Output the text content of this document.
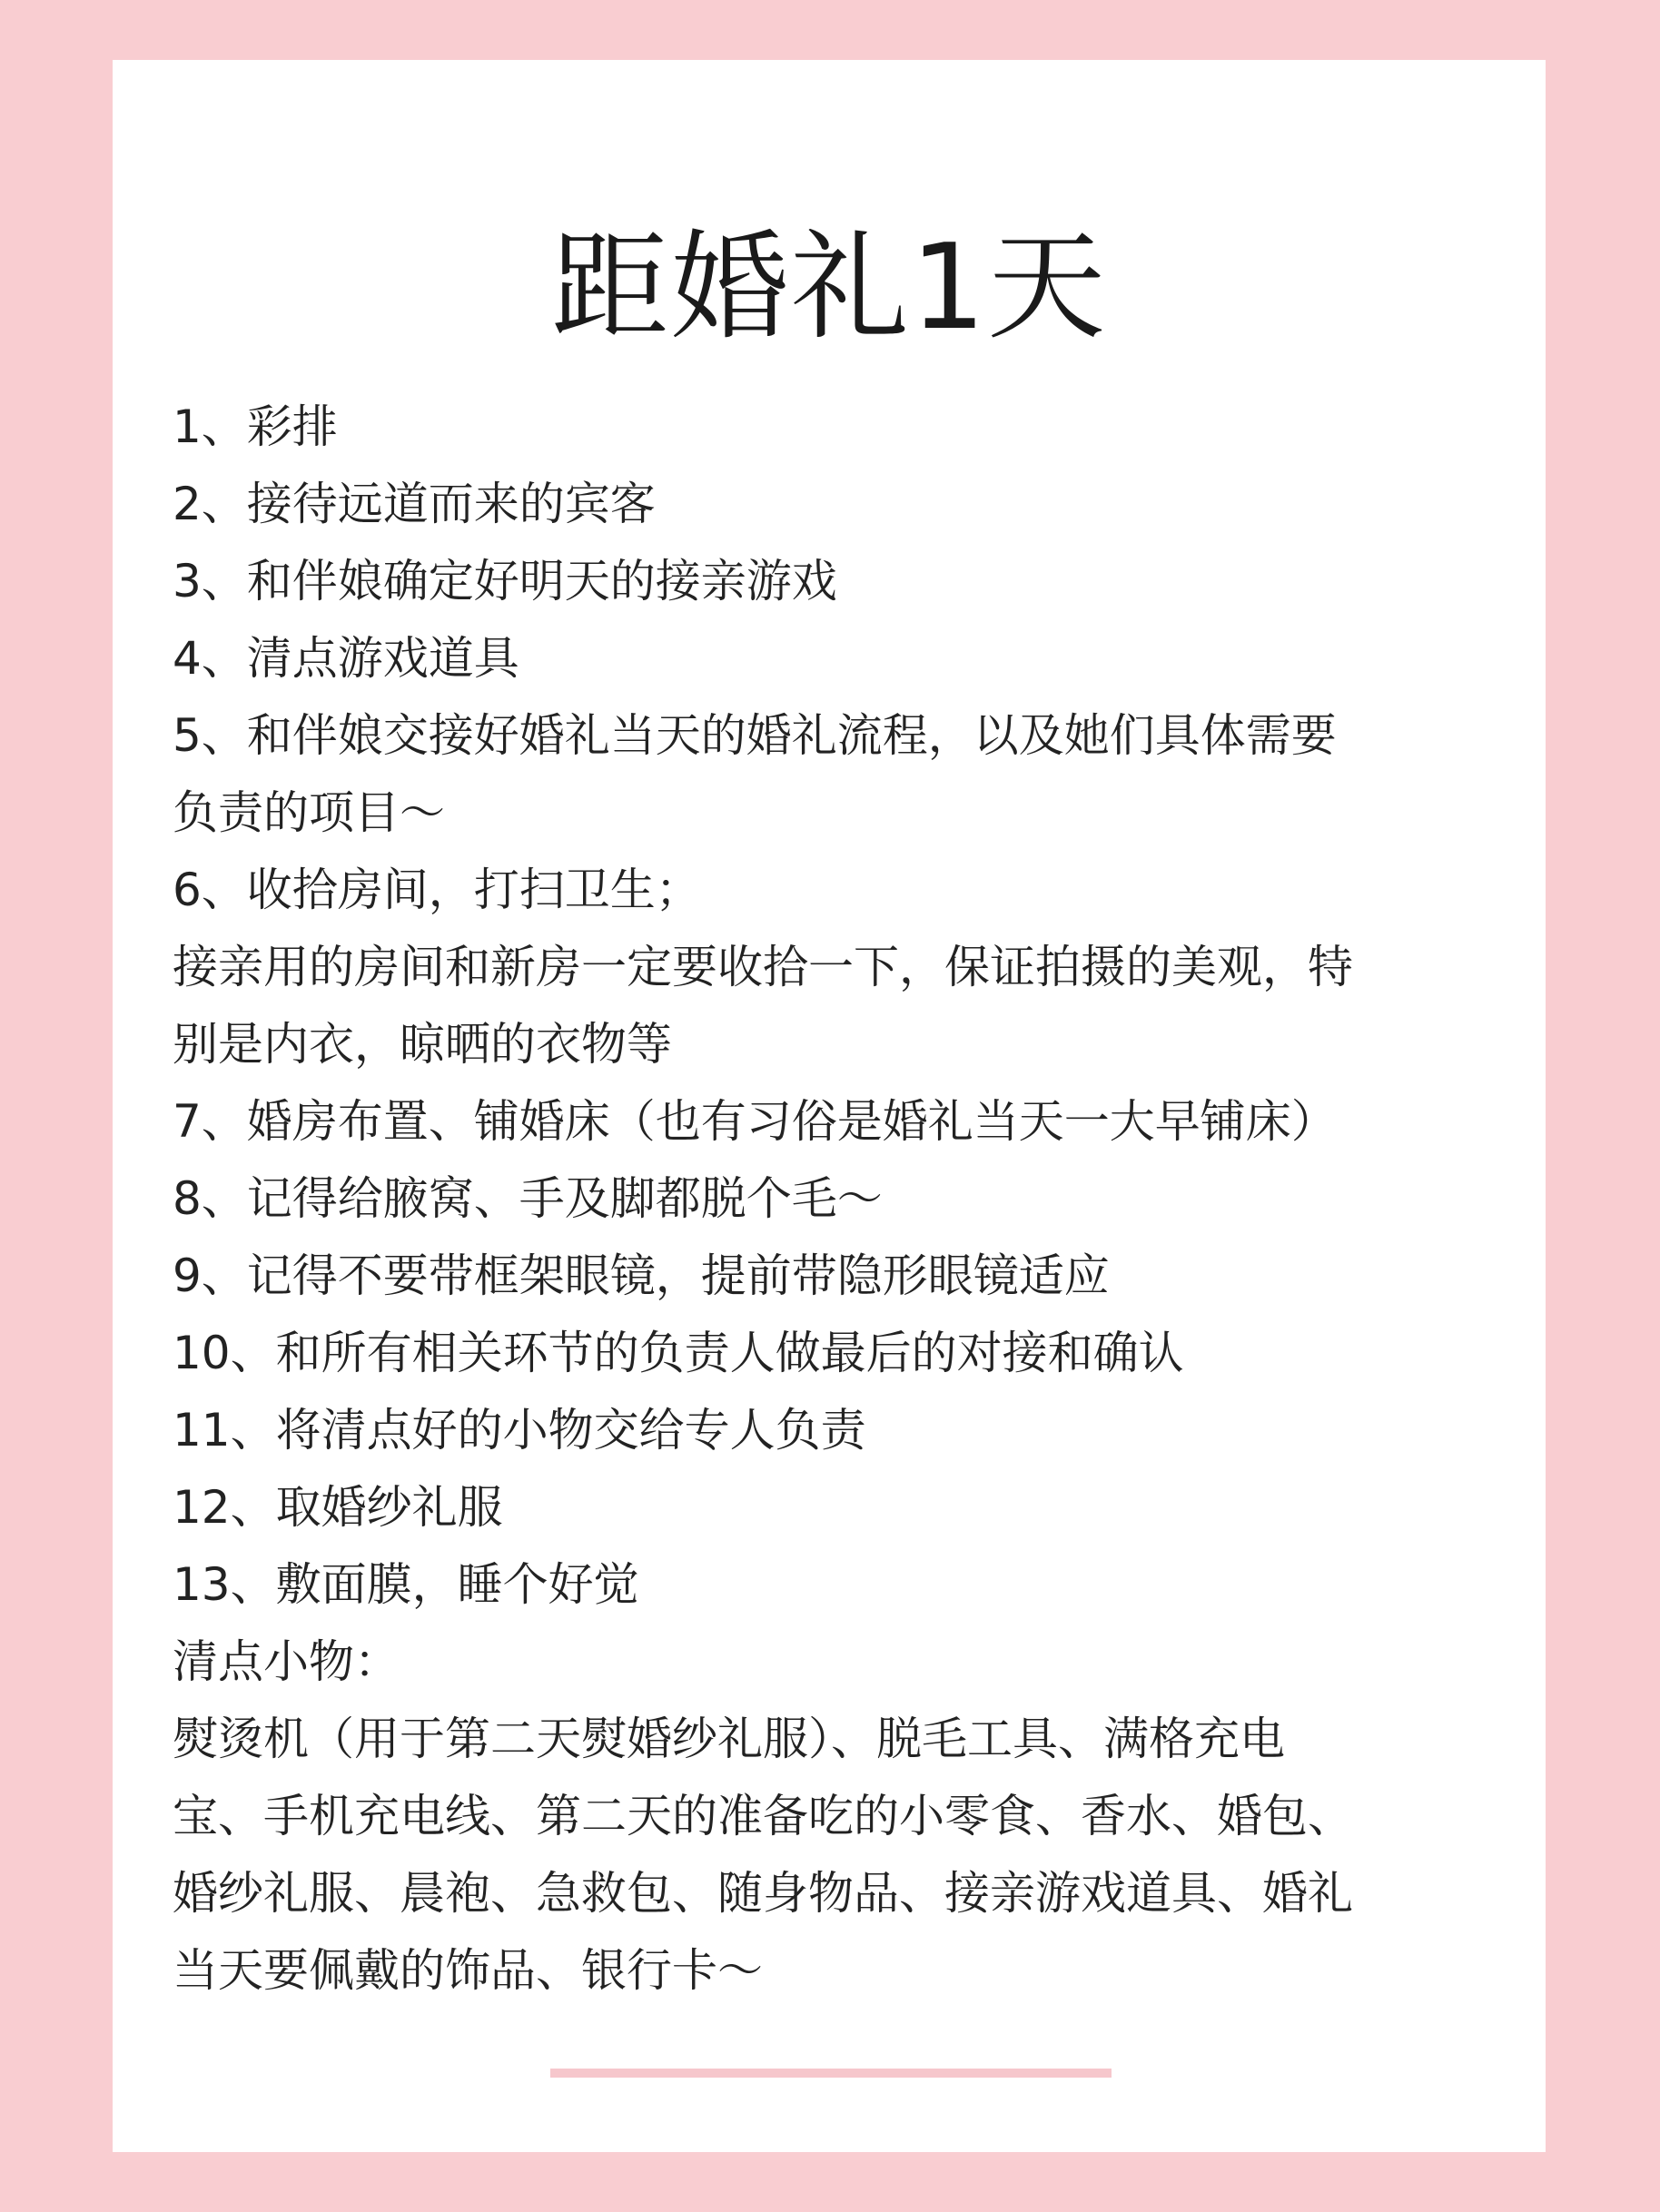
距婚礼1天

1、彩排

2、接待远道而来的宾客

3、和伴娘确定好明天的接亲游戏

4、清点游戏道具

5、和伴娘交接好婚礼当天的婚礼流程，以及她们具体需要

负责的项目～

6、收拾房间，打扫卫生；

接亲用的房间和新房一定要收拾一下，保证拍摄的美观，特

别是内衣，晾晒的衣物等

7、婚房布置、铺婚床（也有习俗是婚礼当天一大早铺床）

8、记得给腋窝、手及脚都脱个毛～

9、记得不要带框架眼镜，提前带隐形眼镜适应

10、和所有相关环节的负责人做最后的对接和确认

11、将清点好的小物交给专人负责

12、取婚纱礼服

13、敷面膜，睡个好觉

清点小物：

熨烫机（用于第二天熨婚纱礼服）、脱毛工具、满格充电

宝、手机充电线、第二天的准备吃的小零食、香水、婚包、

婚纱礼服、晨袍、急救包、随身物品、接亲游戏道具、婚礼

当天要佩戴的饰品、银行卡～
